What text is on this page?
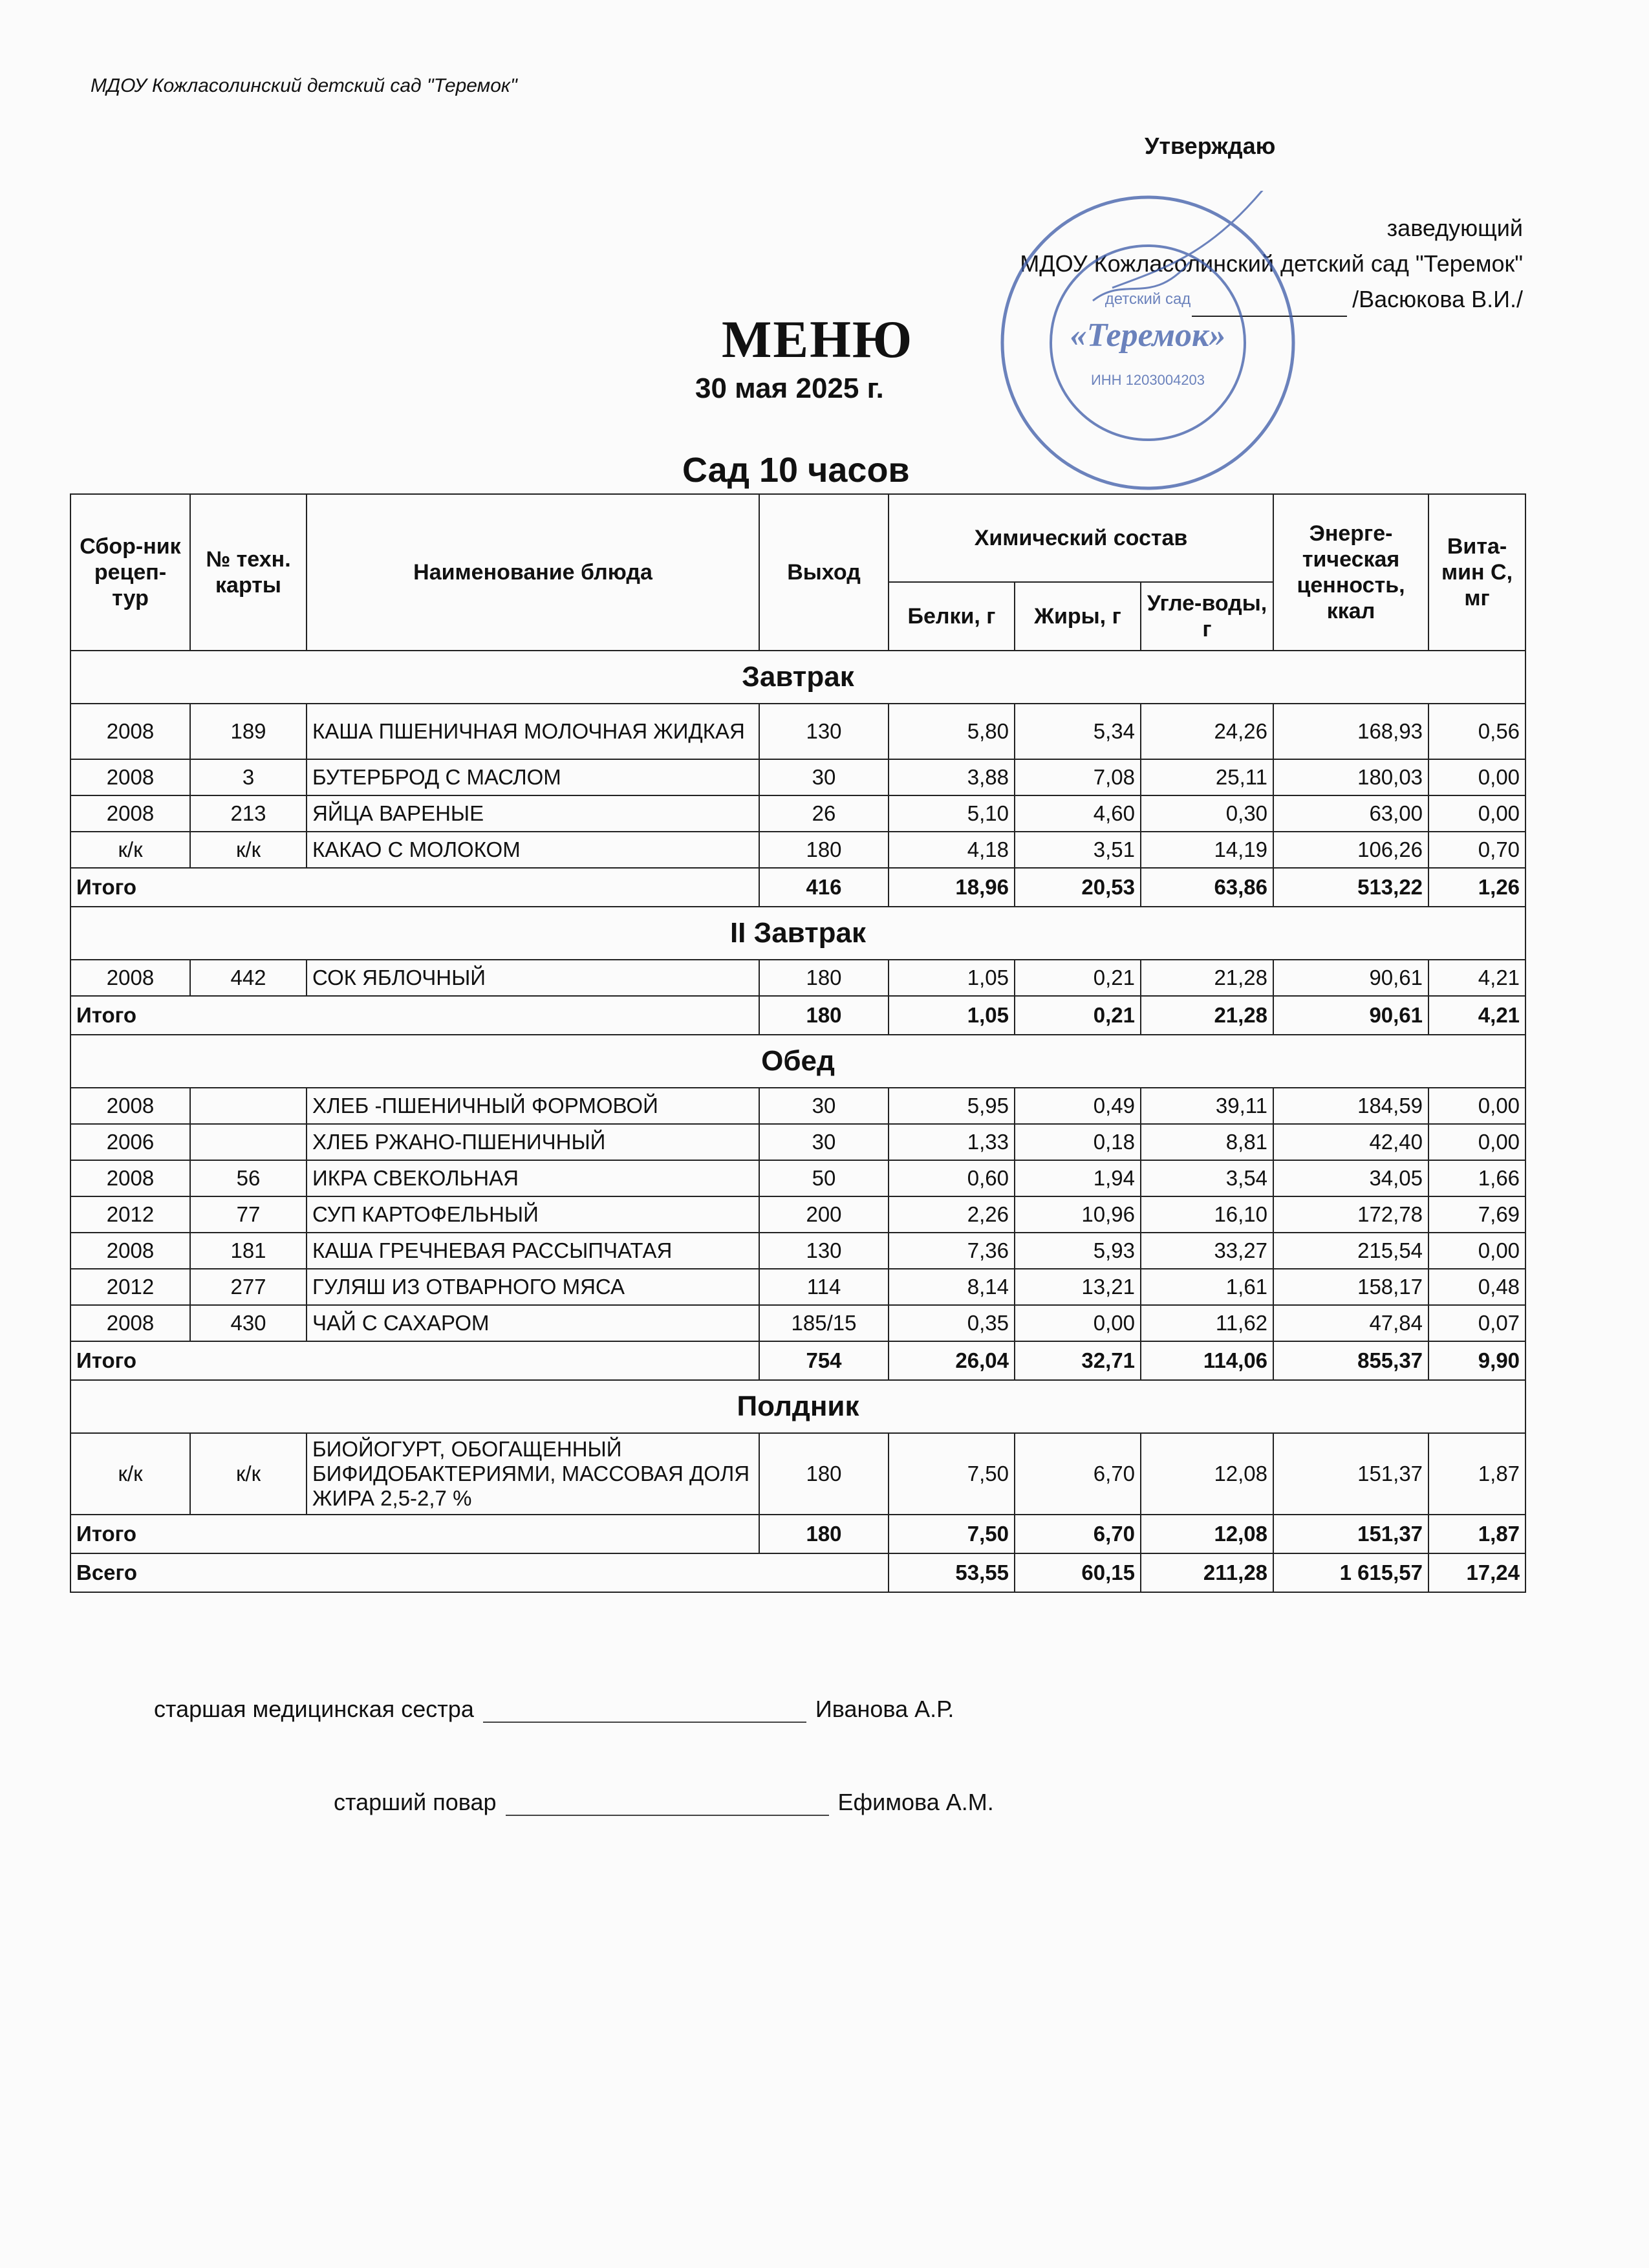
МДОУ Кожласолинский детский сад "Теремок"
Утверждаю
заведующий
МДОУ Кожласолинский детский сад "Теремок"
/Васюкова В.И./
детский сад
«Теремок»
ИНН 1203004203
МЕНЮ
30 мая 2025 г.
Сад 10 часов
Сбор-ник рецеп-тур	№ техн. карты	Наименование блюда	Выход	Химический состав			Энерге-тическая ценность, ккал	Вита-мин С, мг
				Белки, г	Жиры, г	Угле-воды, г		
Завтрак								
2008	189	КАША ПШЕНИЧНАЯ МОЛОЧНАЯ ЖИДКАЯ	130	5,80	5,34	24,26	168,93	0,56
2008	3	БУТЕРБРОД С МАСЛОМ	30	3,88	7,08	25,11	180,03	0,00
2008	213	ЯЙЦА ВАРЕНЫЕ	26	5,10	4,60	0,30	63,00	0,00
к/к	к/к	КАКАО С МОЛОКОМ	180	4,18	3,51	14,19	106,26	0,70
Итого			416	18,96	20,53	63,86	513,22	1,26
II Завтрак								
2008	442	СОК ЯБЛОЧНЫЙ	180	1,05	0,21	21,28	90,61	4,21
Итого			180	1,05	0,21	21,28	90,61	4,21
Обед								
2008		ХЛЕБ -ПШЕНИЧНЫЙ ФОРМОВОЙ	30	5,95	0,49	39,11	184,59	0,00
2006		ХЛЕБ РЖАНО-ПШЕНИЧНЫЙ	30	1,33	0,18	8,81	42,40	0,00
2008	56	ИКРА СВЕКОЛЬНАЯ	50	0,60	1,94	3,54	34,05	1,66
2012	77	СУП КАРТОФЕЛЬНЫЙ	200	2,26	10,96	16,10	172,78	7,69
2008	181	КАША ГРЕЧНЕВАЯ РАССЫПЧАТАЯ	130	7,36	5,93	33,27	215,54	0,00
2012	277	ГУЛЯШ ИЗ ОТВАРНОГО МЯСА	114	8,14	13,21	1,61	158,17	0,48
2008	430	ЧАЙ С САХАРОМ	185/15	0,35	0,00	11,62	47,84	0,07
Итого			754	26,04	32,71	114,06	855,37	9,90
Полдник								
к/к	к/к	БИОЙОГУРТ, ОБОГАЩЕННЫЙ БИФИДОБАКТЕРИЯМИ, МАССОВАЯ ДОЛЯ ЖИРА 2,5-2,7 %	180	7,50	6,70	12,08	151,37	1,87
Итого			180	7,50	6,70	12,08	151,37	1,87
Всего				53,55	60,15	211,28	1 615,57	17,24
старшая медицинская сестра	Иванова А.Р.
старший повар	Ефимова А.М.
